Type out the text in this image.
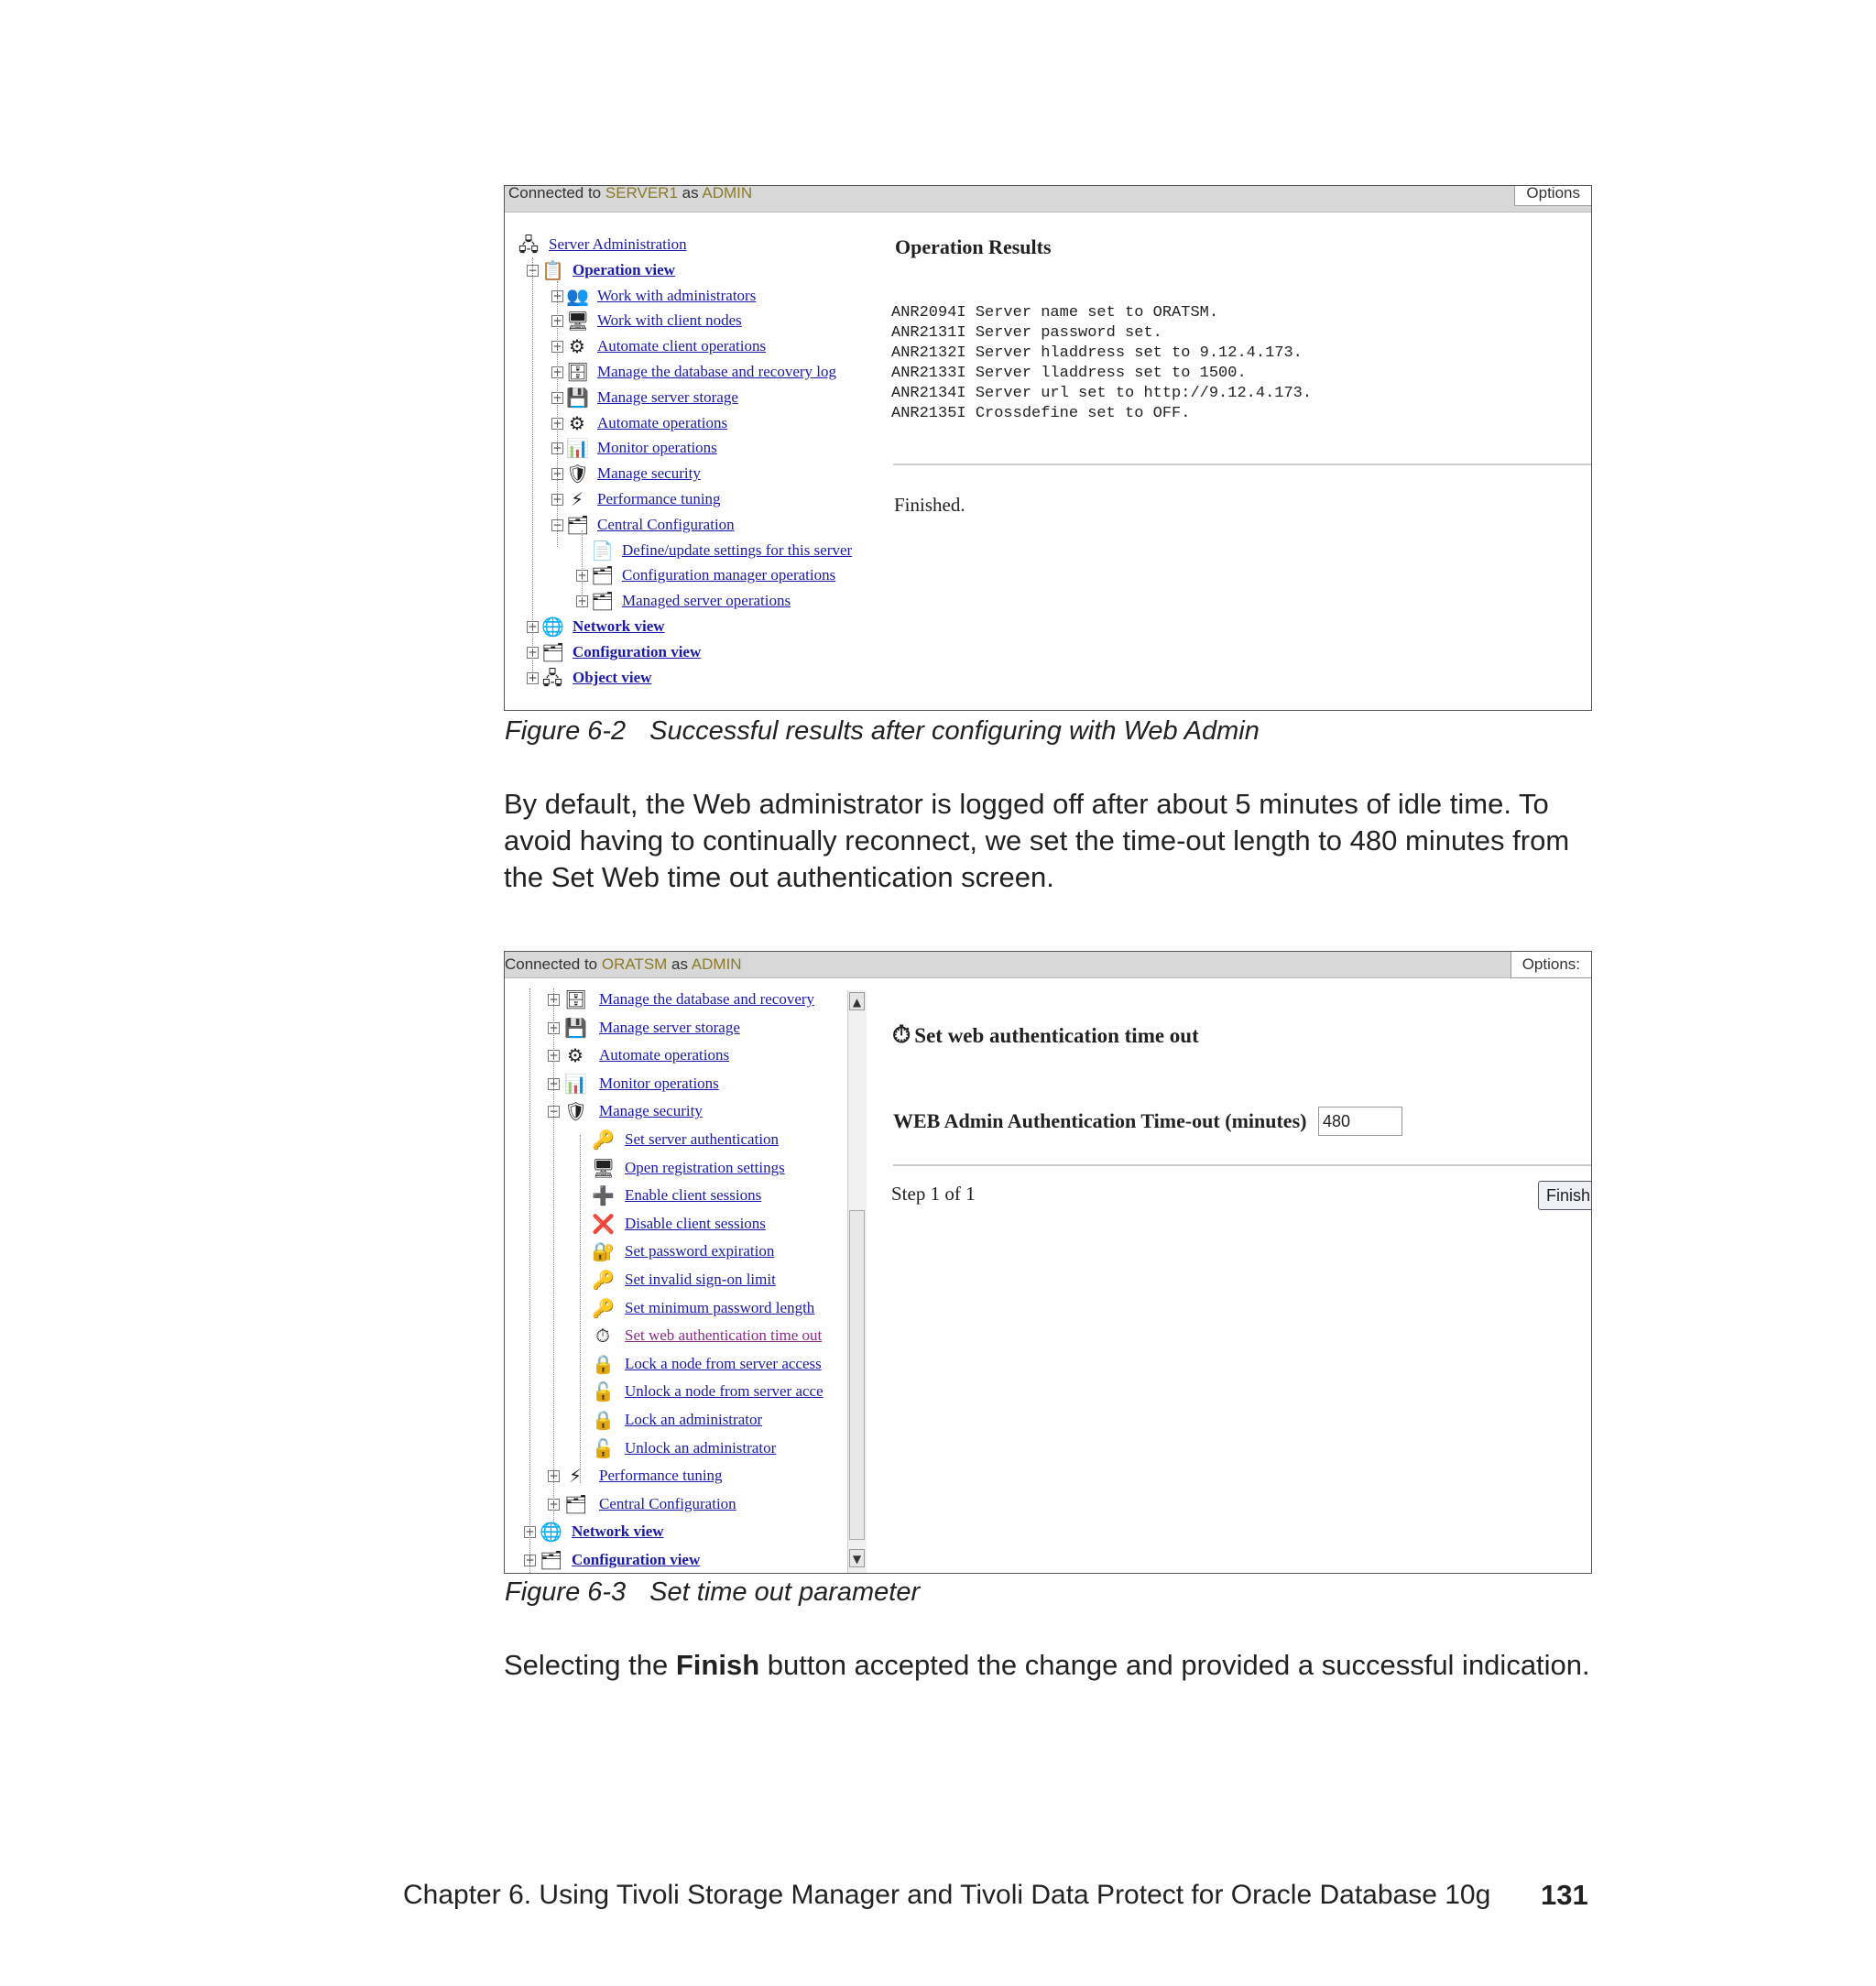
Connected to SERVER1 as ADMIN	Options
🖧 Server Administration
− 📋 Operation view
+ 👥 Work with administrators
+ 🖥 Work with client nodes
+ ⚙ Automate client operations
+ 🗄 Manage the database and recovery log
+ 💾 Manage server storage
+ ⚙ Automate operations
+ 📊 Monitor operations
+ 🛡 Manage security
+ ⚡ Performance tuning
− 🗂 Central Configuration
📄 Define/update settings for this server
+ 🗂 Configuration manager operations
+ 🗂 Managed server operations
+ 🌐 Network view
+ 🗂 Configuration view
+ 🖧 Object view
Operation Results
ANR2094I Server name set to ORATSM.
ANR2131I Server password set.
ANR2132I Server hladdress set to 9.12.4.173.
ANR2133I Server lladdress set to 1500.
ANR2134I Server url set to http://9.12.4.173.
ANR2135I Crossdefine set to OFF.
Finished.
Figure 6-2 Successful results after configuring with Web Admin
By default, the Web administrator is logged off after about 5 minutes of idle time. To avoid having to continually reconnect, we set the time-out length to 480 minutes from the Set Web time out authentication screen.
Connected to ORATSM as ADMIN	Options:
+ 🗄 Manage the database and recovery
+ 💾 Manage server storage
+ ⚙ Automate operations
+ 📊 Monitor operations
− 🛡 Manage security
🔑 Set server authentication
🖥 Open registration settings
➕ Enable client sessions
❌ Disable client sessions
🔐 Set password expiration
🔑 Set invalid sign-on limit
🔑 Set minimum password length
⏱ Set web authentication time out
🔒 Lock a node from server access
🔓 Unlock a node from server acce
🔒 Lock an administrator
🔓 Unlock an administrator
+ ⚡ Performance tuning
+ 🗂 Central Configuration
+ 🌐 Network view
+ 🗂 Configuration view
▲
▼
⏱ Set web authentication time out
WEB Admin Authentication Time-out (minutes) 480
Step 1 of 1	Finish
Figure 6-3 Set time out parameter
Selecting the Finish button accepted the change and provided a successful indication.
Chapter 6. Using Tivoli Storage Manager and Tivoli Data Protect for Oracle Database 10g 131
